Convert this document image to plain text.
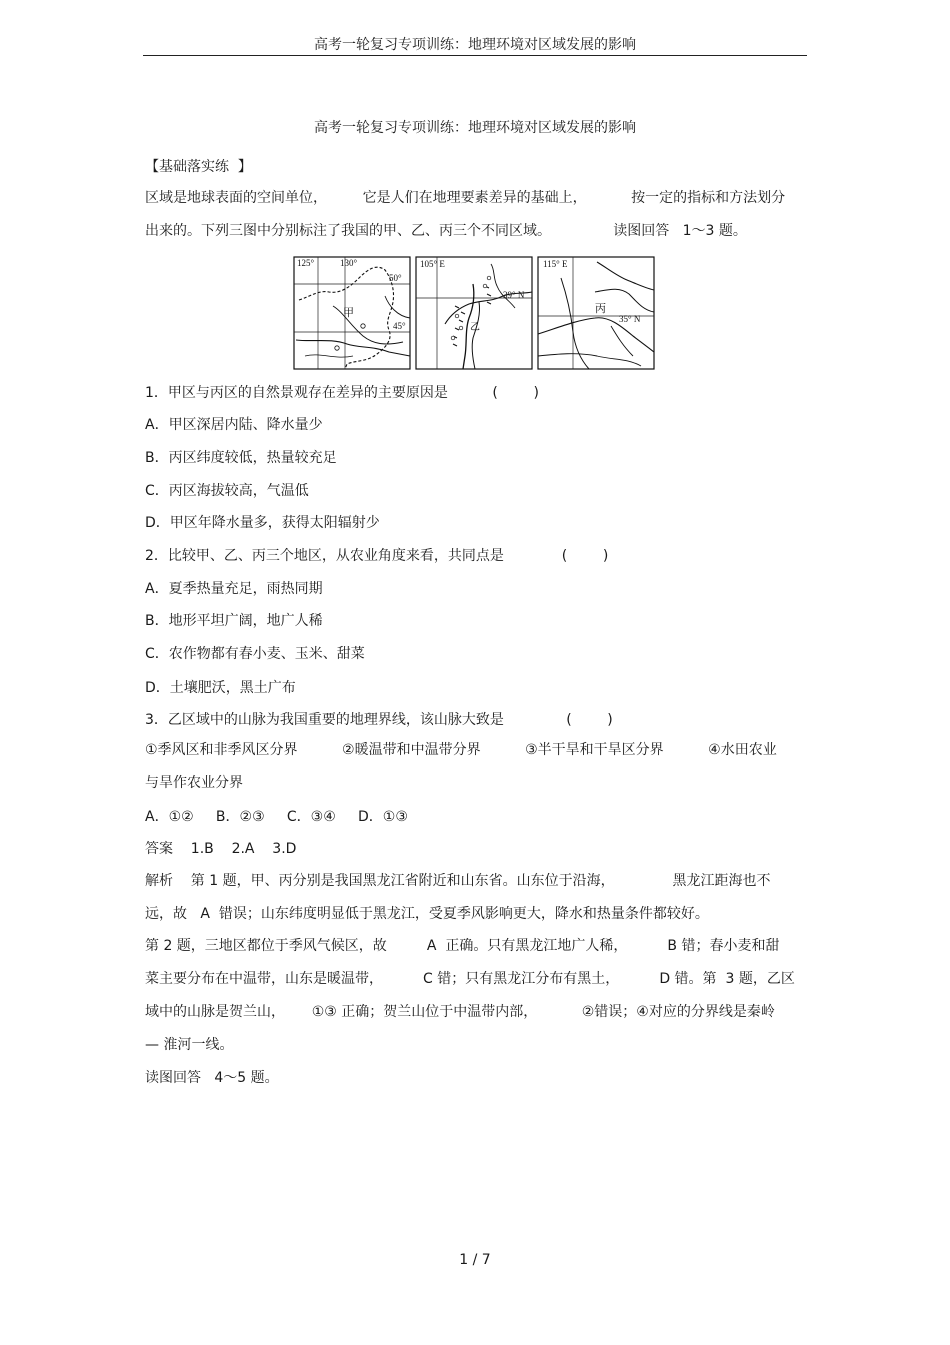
高考一轮复习专项训练：地理环境对区域发展的影响
高考一轮复习专项训练：地理环境对区域发展的影响
【基础落实练  】
区域是地球表面的空间单位，        它是人们在地理要素差异的基础上，          按一定的指标和方法划分
出来的。下列三图中分别标注了我国的甲、乙、丙三个不同区域。              读图回答   1～3 题。
125°	130°
50°
45°
甲
105° E
39° N
乙
115° E
35° N
丙
1．甲区与丙区的自然景观存在差异的主要原因是          (        )
A．甲区深居内陆、降水量少
B．丙区纬度较低，热量较充足
C．丙区海拔较高，气温低
D．甲区年降水量多，获得太阳辐射少
2．比较甲、乙、丙三个地区，从农业角度来看，共同点是             (        )
A．夏季热量充足，雨热同期
B．地形平坦广阔，地广人稀
C．农作物都有春小麦、玉米、甜菜
D．土壤肥沃，黑土广布
3．乙区域中的山脉为我国重要的地理界线，该山脉大致是              (        )
①季风区和非季风区分界          ②暖温带和中温带分界          ③半干旱和干旱区分界          ④水田农业
与旱作农业分界
A．①②     B．②③     C．③④     D．①③
答案    1.B    2.A    3.D
解析    第 1 题，甲、丙分别是我国黑龙江省附近和山东省。山东位于沿海，             黑龙江距海也不
远，故   A  错误；山东纬度明显低于黑龙江，受夏季风影响更大，降水和热量条件都较好。
第 2 题，三地区都位于季风气候区，故         A  正确。只有黑龙江地广人稀，         B 错；春小麦和甜
菜主要分布在中温带，山东是暖温带，         C 错；只有黑龙江分布有黑土，         D 错。第  3 题，乙区
域中的山脉是贺兰山，      ①③ 正确；贺兰山位于中温带内部，          ②错误；④对应的分界线是秦岭
— 淮河一线。
读图回答   4～5 题。
1 / 7
